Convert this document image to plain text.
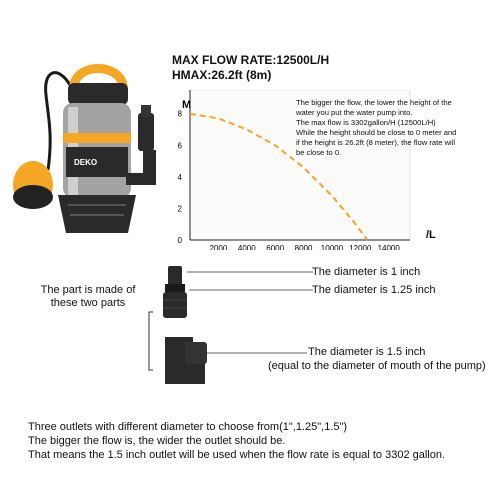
MAX FLOW RATE:12500L/H
HMAX:26.2ft (8m)
DEKO
M
/L
2000 4000 6000 8000 10000 12000 14000
0
2
4
6
8
The bigger the flow, the lower the height of the
water you put the water pump into.
The max flow is 3302gallon/H (12500L/H)
While the height should be close to 0 meter and
if the height is 26.2ft (8 meter), the flow rate will
be close to 0.
The part is made of
these two parts
The diameter is 1 inch
The diameter is 1.25 inch
The diameter is 1.5 inch
(equal to the diameter of mouth of the pump)
Three outlets with different diameter to choose from(1",1.25",1.5")
The bigger the flow is, the wider the outlet should be.
That means the 1.5 inch outlet will be used when the flow rate is equal to 3302 gallon.
